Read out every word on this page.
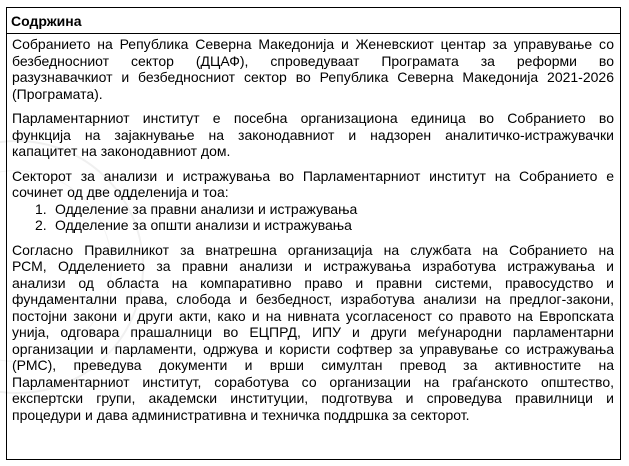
Содржина
Собранието на Република Северна Македонија и Женевскиот центар за управување со
безбедносниот сектор (ДЦАФ), спроведуваат Програмата за реформи во
разузнавачкиот и безбедносниот сектор во Република Северна Македонија 2021-2026
(Програмата).
Парламентарниот институт е посебна организациона единица во Собранието во
функција на зајакнување на законодавниот и надзорен аналитичко-истражувачки
капацитет на законодавниот дом.
Секторот за анализи и истражувања во Парламентарниот институт на Собранието е
сочинет од две одделенија и тоа:
1. Одделение за правни анализи и истражувања
2. Одделение за општи анализи и истражувања
Согласно Правилникот за внатрешна организација на службата на Собранието на
РСМ, Одделението за правни анализи и истражувања изработува истражувања и
анализи од областа на компаративно право и правни системи, правосудство и
фундаментални права, слобода и безбедност, изработува анализи на предлог-закони,
постојни закони и други акти, како и на нивната усогласеност со правото на Европската
унија, одговара прашалници во ЕЦПРД, ИПУ и други меѓународни парламентарни
организации и парламенти, одржува и користи софтвер за управување со истражувања
(РМС), преведува документи и врши симултан превод за активностите на
Парламентарниот институт, соработува со организации на граѓанското општество,
експертски групи, академски институции, подготвува и спроведува правилници и
процедури и дава административна и техничка поддршка за секторот.
